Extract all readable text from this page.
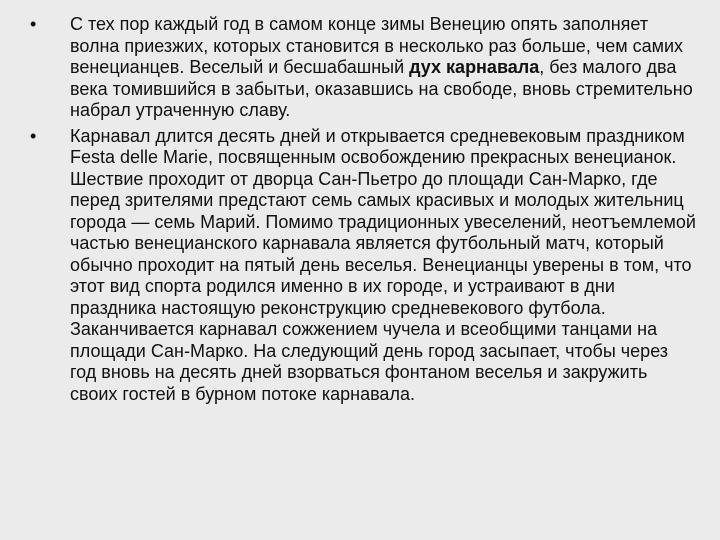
•	С тех пор каждый год в самом конце зимы Венецию опять заполняет волна приезжих, которых становится в несколько раз больше, чем самих венецианцев. Веселый и бесшабашный дух карнавала, без малого два века томившийся в забытьи, оказавшись на свободе, вновь стремительно набрал утраченную славу.
•	Карнавал длится десять дней и открывается средневековым праздником Festa delle Marie, посвященным освобождению прекрасных венецианок. Шествие проходит от дворца Сан-Пьетро до площади Сан-Марко, где перед зрителями предстают семь самых красивых и молодых жительниц города — семь Марий. Помимо традиционных увеселений, неотъемлемой частью венецианского карнавала является футбольный матч, который обычно проходит на пятый день веселья. Венецианцы уверены в том, что этот вид спорта родился именно в их городе, и устраивают в дни праздника настоящую реконструкцию средневекового футбола. Заканчивается карнавал сожжением чучела и всеобщими танцами на площади Сан-Марко. На следующий день город засыпает, чтобы через год вновь на десять дней взорваться фонтаном веселья и закружить своих гостей в бурном потоке карнавала.
